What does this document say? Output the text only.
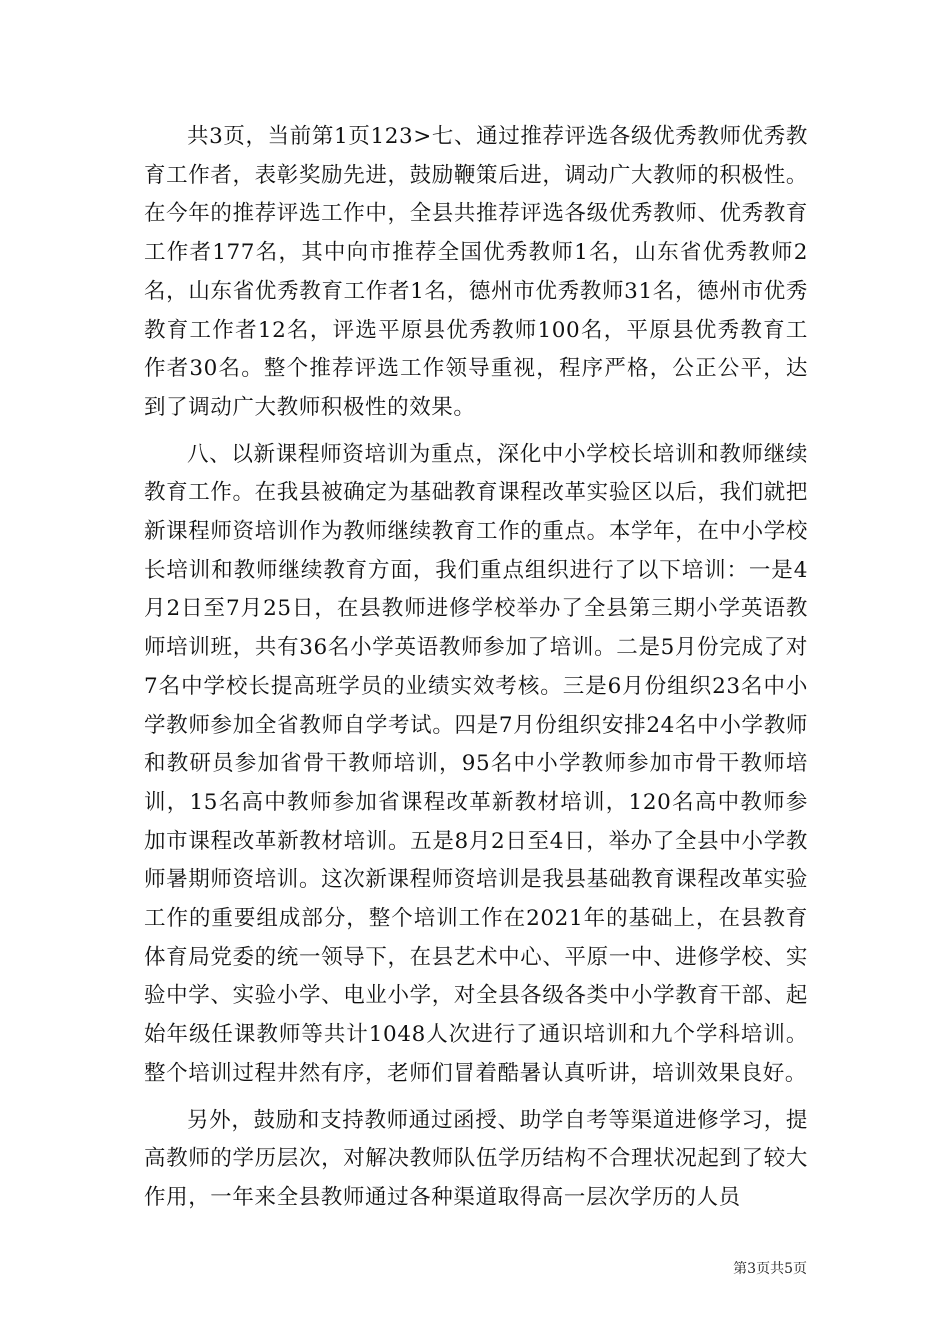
共3页，当前第1页123>七、通过推荐评选各级优秀教师优秀教育工作者，表彰奖励先进，鼓励鞭策后进，调动广大教师的积极性。在今年的推荐评选工作中，全县共推荐评选各级优秀教师、优秀教育工作者177名，其中向市推荐全国优秀教师1名，山东省优秀教师2名，山东省优秀教育工作者1名，德州市优秀教师31名，德州市优秀教育工作者12名，评选平原县优秀教师100名，平原县优秀教育工作者30名。整个推荐评选工作领导重视，程序严格，公正公平，达到了调动广大教师积极性的效果。

八、以新课程师资培训为重点，深化中小学校长培训和教师继续教育工作。在我县被确定为基础教育课程改革实验区以后，我们就把新课程师资培训作为教师继续教育工作的重点。本学年，在中小学校长培训和教师继续教育方面，我们重点组织进行了以下培训：一是4月2日至7月25日，在县教师进修学校举办了全县第三期小学英语教师培训班，共有36名小学英语教师参加了培训。二是5月份完成了对7名中学校长提高班学员的业绩实效考核。三是6月份组织23名中小学教师参加全省教师自学考试。四是7月份组织安排24名中小学教师和教研员参加省骨干教师培训，95名中小学教师参加市骨干教师培训，15名高中教师参加省课程改革新教材培训，120名高中教师参加市课程改革新教材培训。五是8月2日至4日，举办了全县中小学教师暑期师资培训。这次新课程师资培训是我县基础教育课程改革实验工作的重要组成部分，整个培训工作在2021年的基础上，在县教育体育局党委的统一领导下，在县艺术中心、平原一中、进修学校、实验中学、实验小学、电业小学，对全县各级各类中小学教育干部、起始年级任课教师等共计1048人次进行了通识培训和九个学科培训。整个培训过程井然有序，老师们冒着酷暑认真听讲，培训效果良好。

另外，鼓励和支持教师通过函授、助学自考等渠道进修学习，提高教师的学历层次，对解决教师队伍学历结构不合理状况起到了较大作用，一年来全县教师通过各种渠道取得高一层次学历的人员

第3页共5页
